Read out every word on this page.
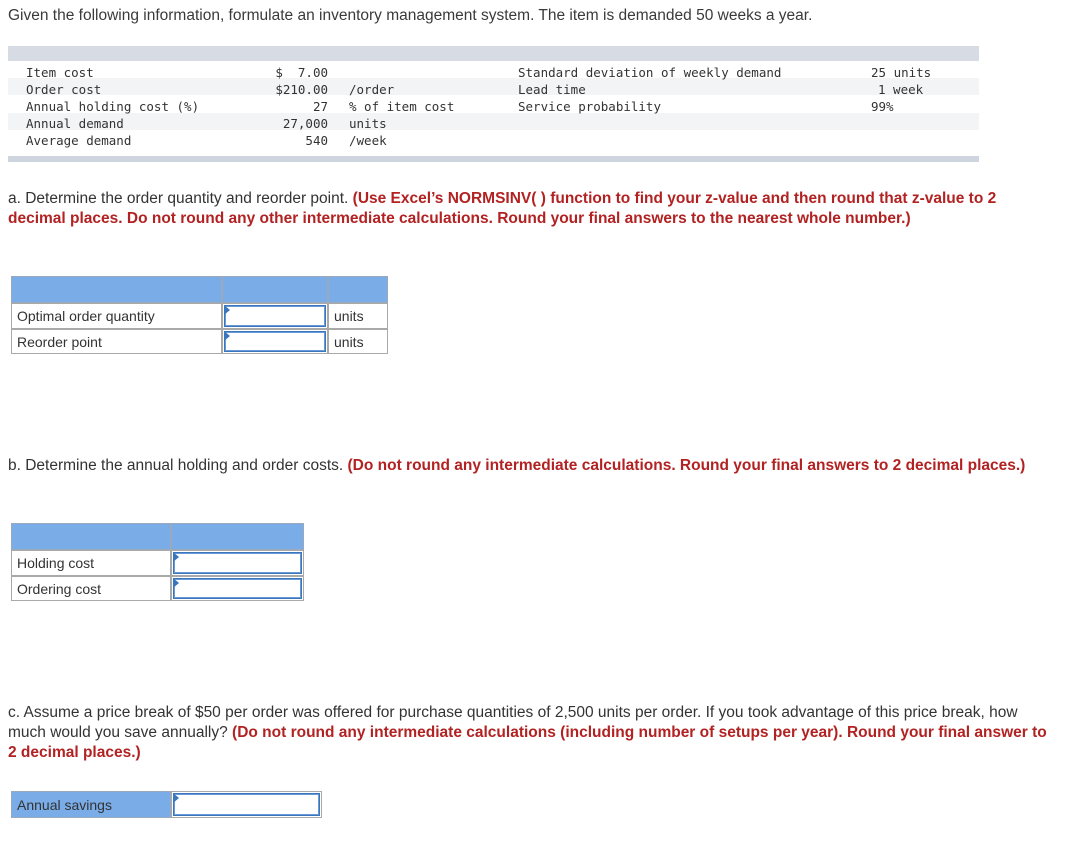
Given the following information, formulate an inventory management system. The item is demanded 50 weeks a year.
Item cost
Order cost
Annual holding cost (%)
Annual demand
Average demand
$  7.00
$210.00
27
27,000
540
/order
% of item cost
units
/week
Standard deviation of weekly demand
Lead time
Service probability
25 units
1 week
99%
a. Determine the order quantity and reorder point. (Use Excel’s NORMSINV( ) function to find your z-value and then round that z-value to 2 decimal places. Do not round any other intermediate calculations. Round your final answers to the nearest whole number.)
Optimal order quantity	units
Reorder point	units
b. Determine the annual holding and order costs. (Do not round any intermediate calculations. Round your final answers to 2 decimal places.)
Holding cost
Ordering cost
c. Assume a price break of $50 per order was offered for purchase quantities of 2,500 units per order. If you took advantage of this price break, how much would you save annually? (Do not round any intermediate calculations (including number of setups per year). Round your final answer to 2 decimal places.)
Annual savings
